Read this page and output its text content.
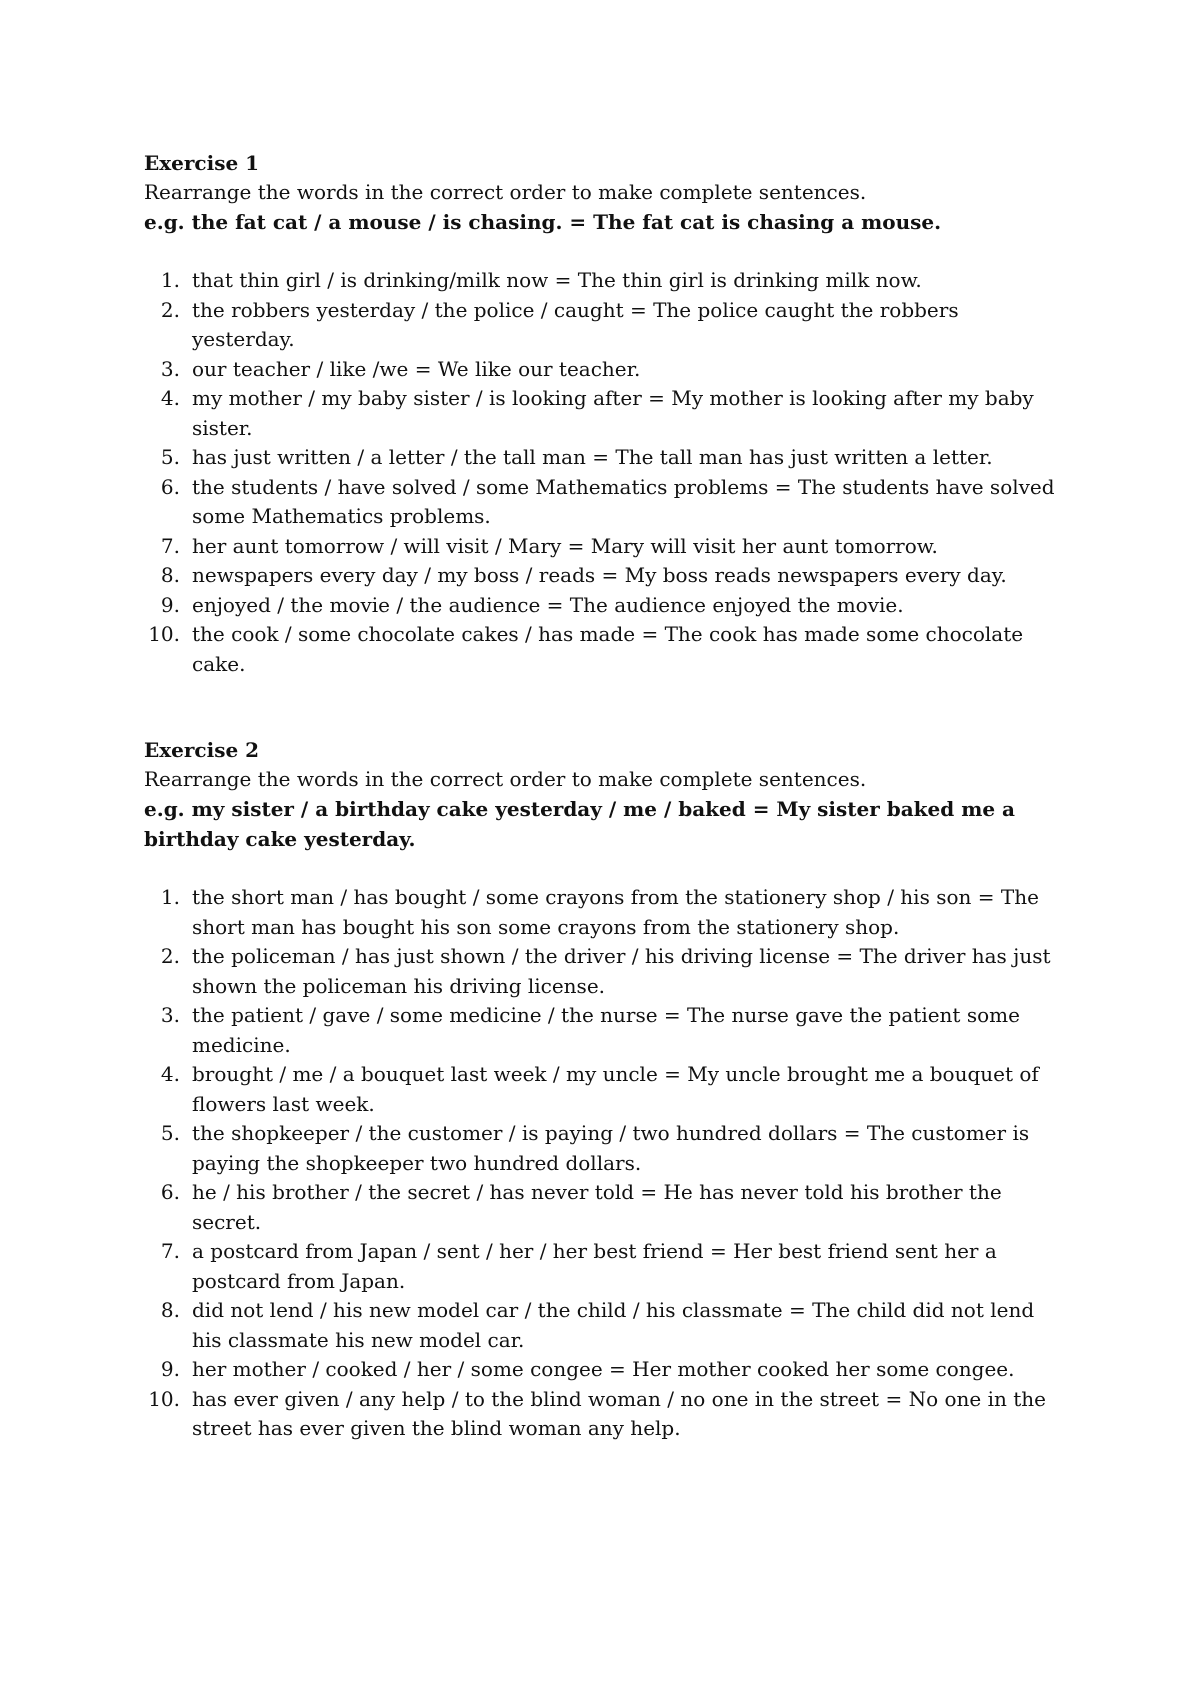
Exercise 1

Rearrange the words in the correct order to make complete sentences.

e.g. the fat cat / a mouse / is chasing. = The fat cat is chasing a mouse.

1. that thin girl / is drinking/milk now = The thin girl is drinking milk now.
2. the robbers yesterday / the police / caught = The police caught the robbers yesterday.
3. our teacher / like /we = We like our teacher.
4. my mother / my baby sister / is looking after = My mother is looking after my baby sister.
5. has just written / a letter / the tall man = The tall man has just written a letter.
6. the students / have solved / some Mathematics problems = The students have solved some Mathematics problems.
7. her aunt tomorrow / will visit / Mary = Mary will visit her aunt tomorrow.
8. newspapers every day / my boss / reads = My boss reads newspapers every day.
9. enjoyed / the movie / the audience = The audience enjoyed the movie.
10. the cook / some chocolate cakes / has made = The cook has made some chocolate cake.

Exercise 2

Rearrange the words in the correct order to make complete sentences.

e.g. my sister / a birthday cake yesterday / me / baked = My sister baked me a birthday cake yesterday.

1. the short man / has bought / some crayons from the stationery shop / his son = The short man has bought his son some crayons from the stationery shop.
2. the policeman / has just shown / the driver / his driving license = The driver has just shown the policeman his driving license.
3. the patient / gave / some medicine / the nurse = The nurse gave the patient some medicine.
4. brought / me / a bouquet last week / my uncle = My uncle brought me a bouquet of flowers last week.
5. the shopkeeper / the customer / is paying / two hundred dollars = The customer is paying the shopkeeper two hundred dollars.
6. he / his brother / the secret / has never told = He has never told his brother the secret.
7. a postcard from Japan / sent / her / her best friend = Her best friend sent her a postcard from Japan.
8. did not lend / his new model car / the child / his classmate = The child did not lend his classmate his new model car.
9. her mother / cooked / her / some congee = Her mother cooked her some congee.
10. has ever given / any help / to the blind woman / no one in the street = No one in the street has ever given the blind woman any help.
